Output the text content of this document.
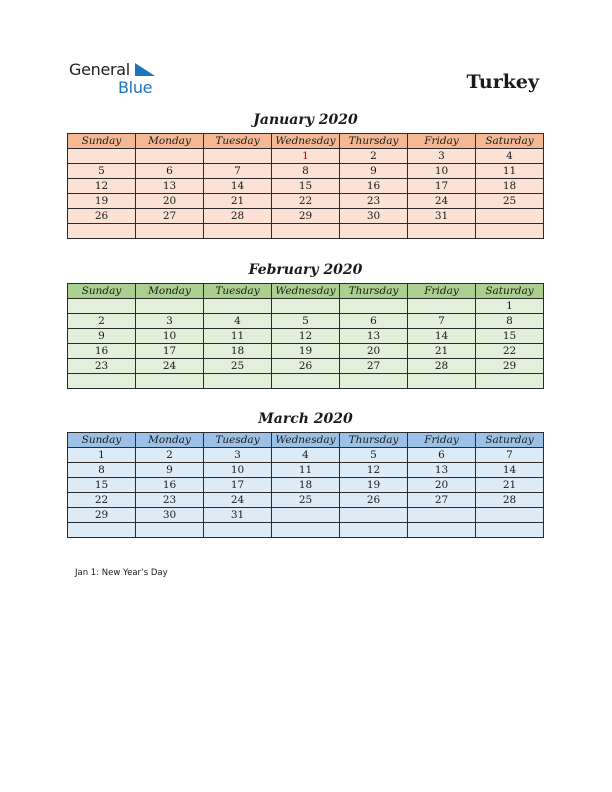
General
Blue	Turkey
January 2020
Sunday	Monday	Tuesday	Wednesday	Thursday	Friday	Saturday
			1	2	3	4
5	6	7	8	9	10	11
12	13	14	15	16	17	18
19	20	21	22	23	24	25
26	27	28	29	30	31	

February 2020
Sunday	Monday	Tuesday	Wednesday	Thursday	Friday	Saturday
						1
2	3	4	5	6	7	8
9	10	11	12	13	14	15
16	17	18	19	20	21	22
23	24	25	26	27	28	29

March 2020
Sunday	Monday	Tuesday	Wednesday	Thursday	Friday	Saturday
1	2	3	4	5	6	7
8	9	10	11	12	13	14
15	16	17	18	19	20	21
22	23	24	25	26	27	28
29	30	31				

Jan 1: New Year’s Day
